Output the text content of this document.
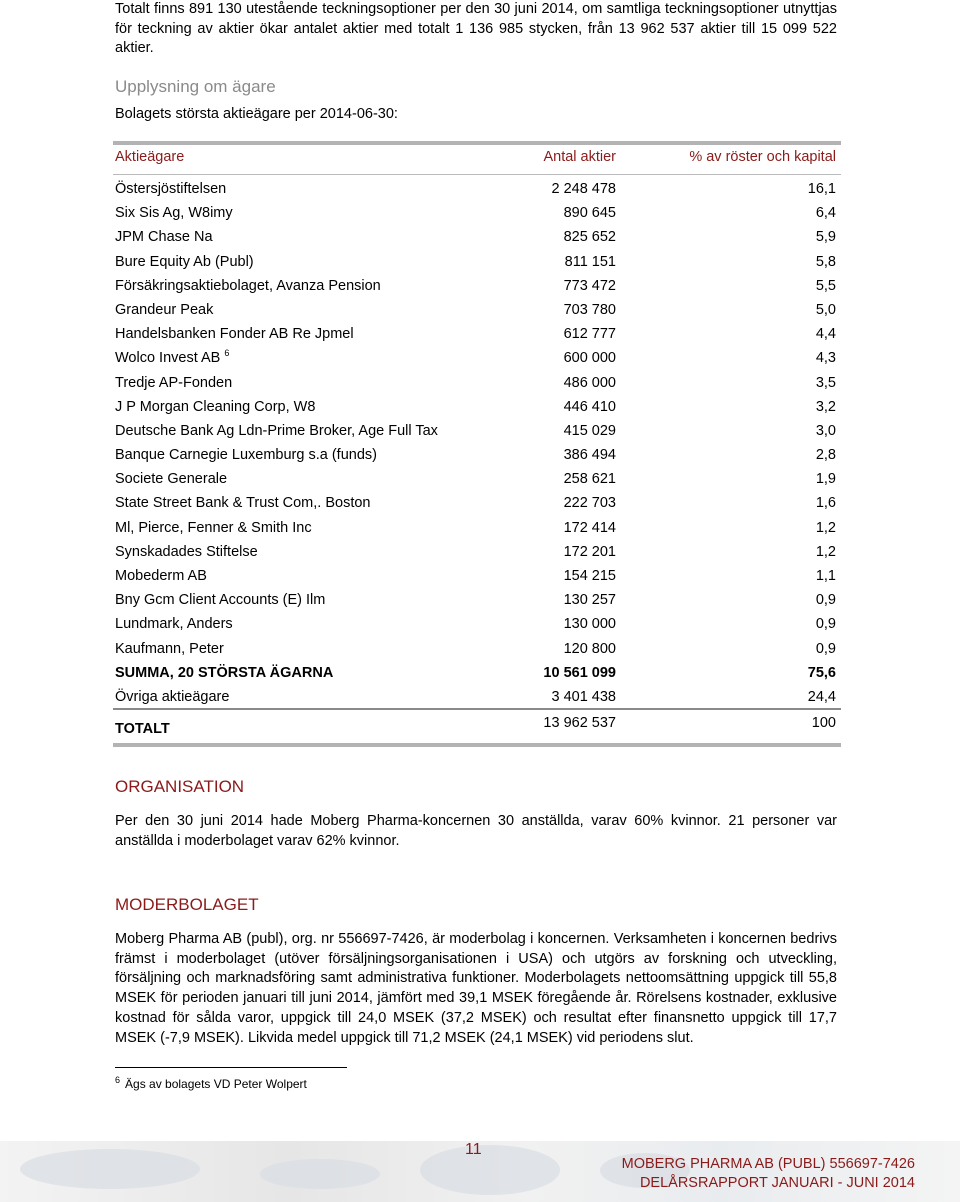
Totalt finns 891 130 utestående teckningsoptioner per den 30 juni 2014, om samtliga teckningsoptioner utnyttjas för teckning av aktier ökar antalet aktier med totalt 1 136 985 stycken, från 13 962 537 aktier till 15 099 522 aktier.
Upplysning om ägare
Bolagets största aktieägare per 2014-06-30:
Aktieägare	Antal aktier	% av röster och kapital
Östersjöstiftelsen	2 248 478	16,1
Six Sis Ag, W8imy	890 645	6,4
JPM Chase Na	825 652	5,9
Bure Equity Ab (Publ)	811 151	5,8
Försäkringsaktiebolaget, Avanza Pension	773 472	5,5
Grandeur Peak	703 780	5,0
Handelsbanken Fonder AB Re Jpmel	612 777	4,4
Wolco Invest AB $^6$	600 000	4,3
Tredje AP-Fonden	486 000	3,5
J P Morgan Cleaning Corp, W8	446 410	3,2
Deutsche Bank Ag Ldn-Prime Broker, Age Full Tax	415 029	3,0
Banque Carnegie Luxemburg s.a (funds)	386 494	2,8
Societe Generale	258 621	1,9
State Street Bank & Trust Com,. Boston	222 703	1,6
Ml, Pierce, Fenner & Smith Inc	172 414	1,2
Synskadades Stiftelse	172 201	1,2
Mobederm AB	154 215	1,1
Bny Gcm Client Accounts (E) Ilm	130 257	0,9
Lundmark, Anders	130 000	0,9
Kaufmann, Peter	120 800	0,9
SUMMA, 20 STÖRSTA ÄGARNA	10 561 099	75,6
Övriga aktieägare	3 401 438	24,4
TOTALT	13 962 537	100
ORGANISATION
Per den 30 juni 2014 hade Moberg Pharma-koncernen 30 anställda, varav 60% kvinnor. 21 personer var anställda i moderbolaget varav 62% kvinnor.
MODERBOLAGET
Moberg Pharma AB (publ), org. nr 556697-7426, är moderbolag i koncernen. Verksamheten i koncernen bedrivs främst i moderbolaget (utöver försäljningsorganisationen i USA) och utgörs av forskning och utveckling, försäljning och marknadsföring samt administrativa funktioner. Moderbolagets nettoomsättning uppgick till 55,8 MSEK för perioden januari till juni 2014, jämfört med 39,1 MSEK föregående år. Rörelsens kostnader, exklusive kostnad för sålda varor, uppgick till 24,0 MSEK (37,2 MSEK) och resultat efter finansnetto uppgick till 17,7 MSEK (-7,9 MSEK). Likvida medel uppgick till 71,2 MSEK (24,1 MSEK) vid periodens slut.
$^6$ Ägs av bolagets VD Peter Wolpert
11
MOBERG PHARMA AB (PUBL) 556697-7426
DELÅRSRAPPORT JANUARI - JUNI 2014
